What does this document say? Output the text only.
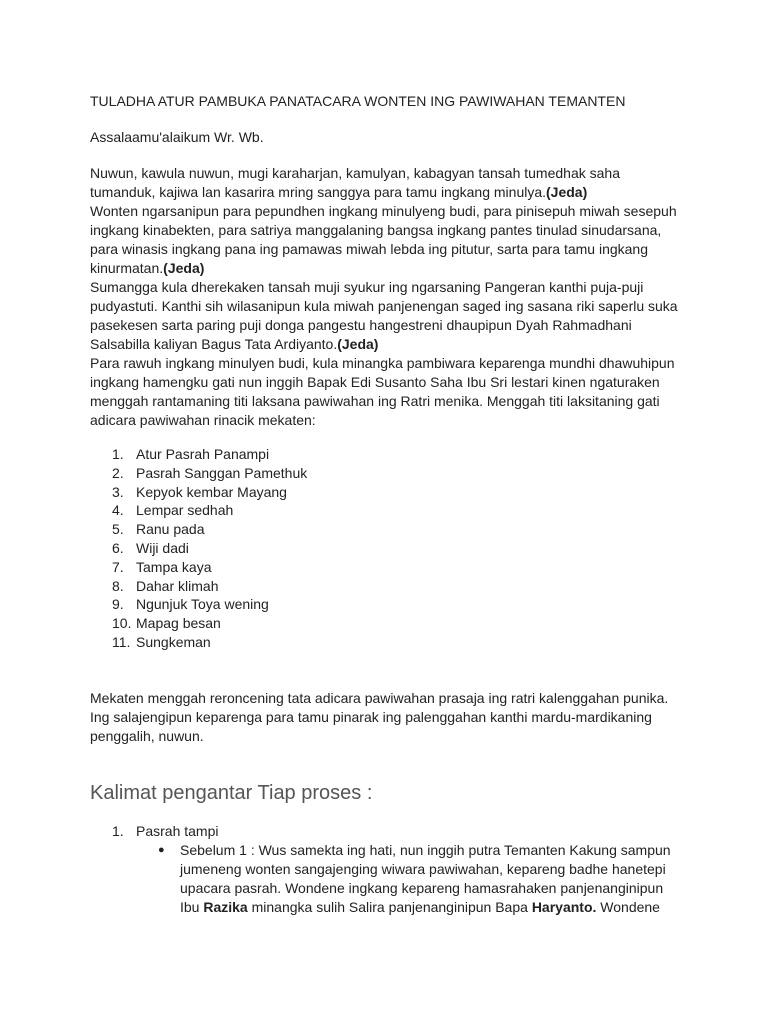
TULADHA ATUR PAMBUKA PANATACARA WONTEN ING PAWIWAHAN TEMANTEN

Assalaamu'alaikum Wr. Wb.

Nuwun, kawula nuwun, mugi karaharjan, kamulyan, kabagyan tansah tumedhak saha tumanduk, kajiwa lan kasarira mring sanggya para tamu ingkang minulya.(Jeda)

Wonten ngarsanipun para pepundhen ingkang minulyeng budi, para pinisepuh miwah sesepuh ingkang kinabekten, para satriya manggalaning bangsa ingkang pantes tinulad sinudarsana, para winasis ingkang pana ing pamawas miwah lebda ing pitutur, sarta para tamu ingkang kinurmatan.(Jeda)

Sumangga kula dherekaken tansah muji syukur ing ngarsaning Pangeran kanthi puja-puji pudyastuti. Kanthi sih wilasanipun kula miwah panjenengan saged ing sasana riki saperlu suka pasekesen sarta paring puji donga pangestu hangestreni dhaupipun Dyah Rahmadhani Salsabilla kaliyan Bagus Tata Ardiyanto.(Jeda)

Para rawuh ingkang minulyen budi, kula minangka pambiwara keparenga mundhi dhawuhipun ingkang hamengku gati nun inggih Bapak Edi Susanto Saha Ibu Sri lestari kinen ngaturaken menggah rantamaning titi laksana pawiwahan ing Ratri menika. Menggah titi laksitaning gati adicara pawiwahan rinacik mekaten:

1. Atur Pasrah Panampi
2. Pasrah Sanggan Pamethuk
3. Kepyok kembar Mayang
4. Lempar sedhah
5. Ranu pada
6. Wiji dadi
7. Tampa kaya
8. Dahar klimah
9. Ngunjuk Toya wening
10. Mapag besan
11. Sungkeman

Mekaten menggah reroncening tata adicara pawiwahan prasaja ing ratri kalenggahan punika. Ing salajengipun keparenga para tamu pinarak ing palenggahan kanthi mardu-mardikaning penggalih, nuwun.

Kalimat pengantar Tiap proses :
1. Pasrah tampi
●	Sebelum 1 : Wus samekta ing hati, nun inggih putra Temanten Kakung sampun jumeneng wonten sangajenging wiwara pawiwahan, kepareng badhe hanetepi upacara pasrah. Wondene ingkang kepareng hamasrahaken panjenanginipun Ibu Razika minangka sulih Salira panjenanginipun Bapa Haryanto. Wondene
